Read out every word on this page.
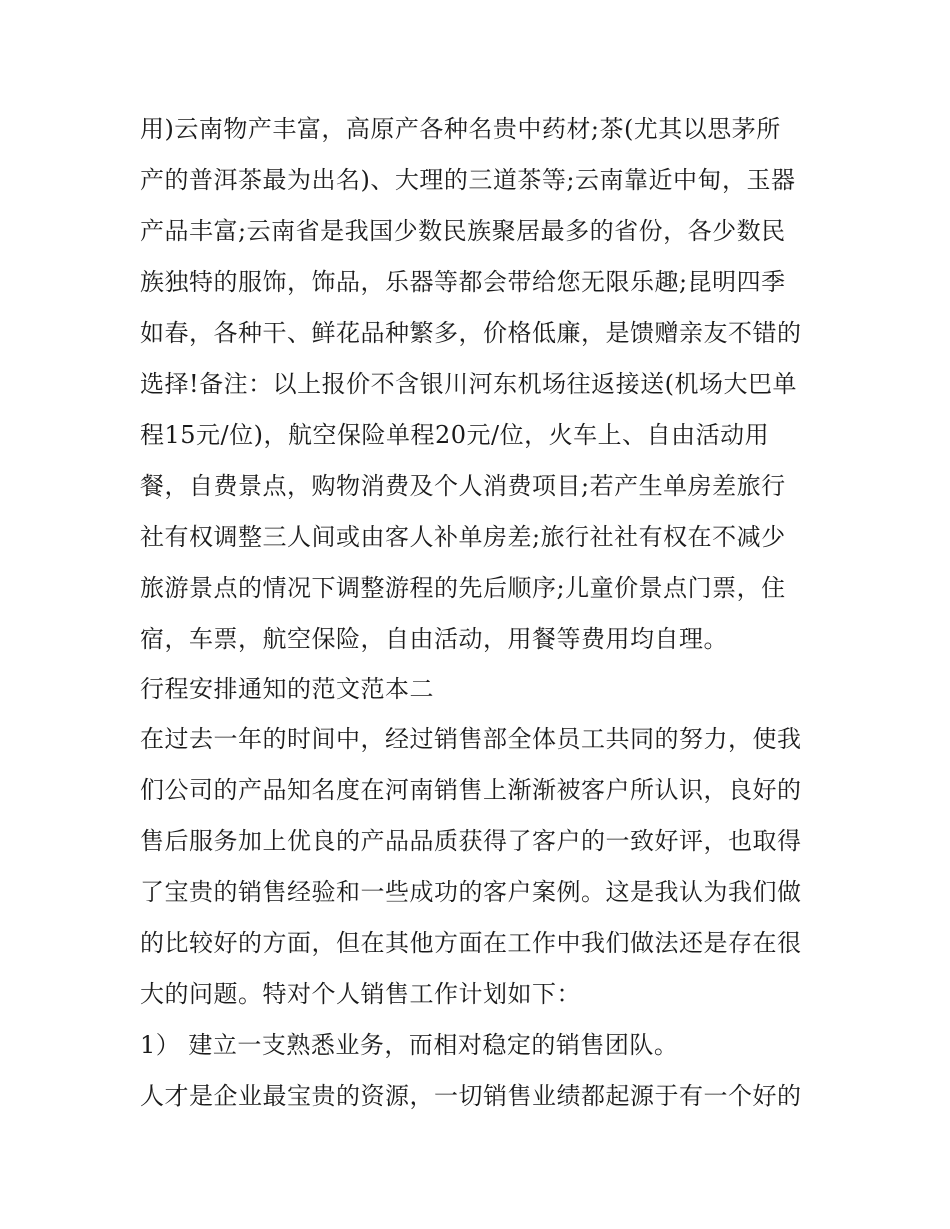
用)云南物产丰富，高原产各种名贵中药材;茶(尤其以思茅所
产的普洱茶最为出名)、大理的三道茶等;云南靠近中甸，玉器
产品丰富;云南省是我国少数民族聚居最多的省份，各少数民
族独特的服饰，饰品，乐器等都会带给您无限乐趣;昆明四季
如春，各种干、鲜花品种繁多，价格低廉，是馈赠亲友不错的
选择!备注：以上报价不含银川河东机场往返接送(机场大巴单
程15元/位)，航空保险单程20元/位，火车上、自由活动用
餐，自费景点，购物消费及个人消费项目;若产生单房差旅行
社有权调整三人间或由客人补单房差;旅行社社有权在不减少
旅游景点的情况下调整游程的先后顺序;儿童价景点门票，住
宿，车票，航空保险，自由活动，用餐等费用均自理。
行程安排通知的范文范本二
在过去一年的时间中，经过销售部全体员工共同的努力，使我
们公司的产品知名度在河南销售上渐渐被客户所认识，良好的
售后服务加上优良的产品品质获得了客户的一致好评，也取得
了宝贵的销售经验和一些成功的客户案例。这是我认为我们做
的比较好的方面，但在其他方面在工作中我们做法还是存在很
大的问题。特对个人销售工作计划如下：
1） 建立一支熟悉业务，而相对稳定的销售团队。
人才是企业最宝贵的资源，一切销售业绩都起源于有一个好的
